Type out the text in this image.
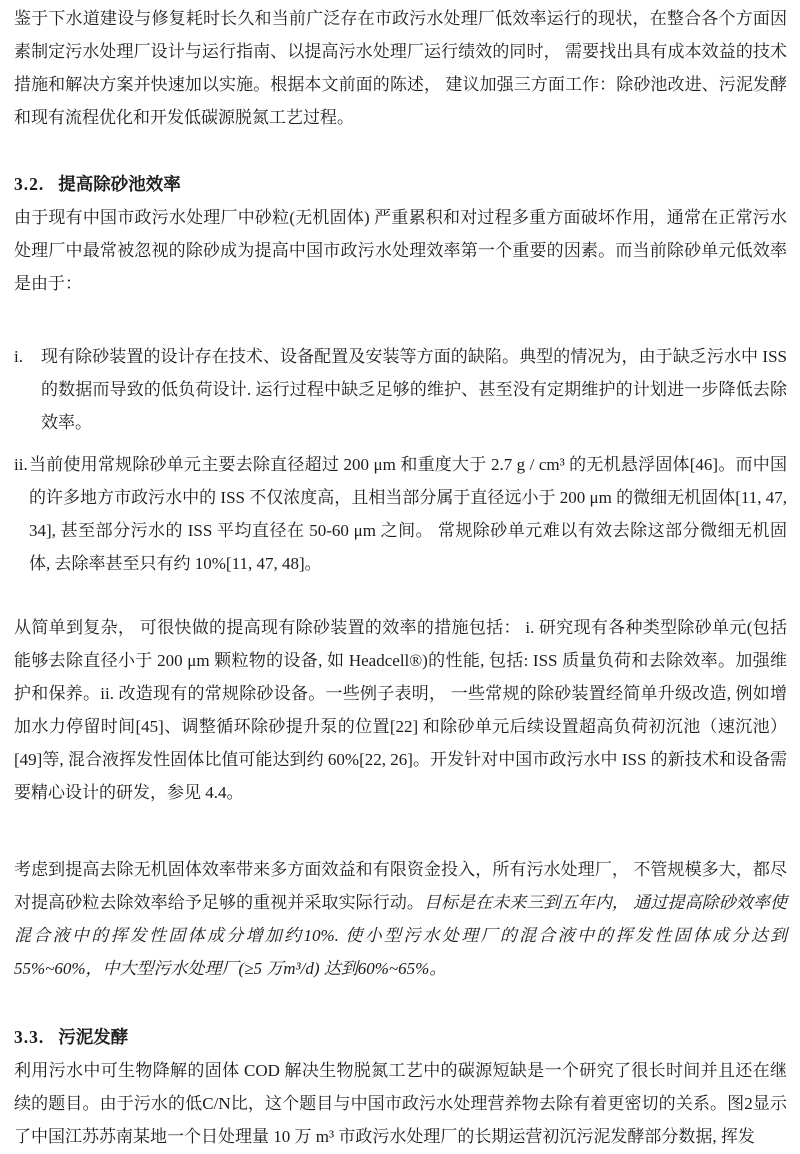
鉴于下水道建设与修复耗时长久和当前广泛存在市政污水处理厂低效率运行的现状，在整合各个方面因素制定污水处理厂设计与运行指南、以提高污水处理厂运行绩效的同时， 需要找出具有成本效益的技术措施和解决方案并快速加以实施。根据本文前面的陈述， 建议加强三方面工作：除砂池改进、污泥发酵和现有流程优化和开发低碳源脱氮工艺过程。

3.2. 提高除砂池效率

由于现有中国市政污水处理厂中砂粒(无机固体) 严重累积和对过程多重方面破坏作用，通常在正常污水处理厂中最常被忽视的除砂成为提高中国市政污水处理效率第一个重要的因素。而当前除砂单元低效率是由于：

i.	现有除砂装置的设计存在技术、设备配置及安装等方面的缺陷。典型的情况为，由于缺乏污水中 ISS 的数据而导致的低负荷设计. 运行过程中缺乏足够的维护、甚至没有定期维护的计划进一步降低去除效率。
ii. 当前使用常规除砂单元主要去除直径超过 200 μm 和重度大于 2.7 g / cm³ 的无机悬浮固体[46]。而中国的许多地方市政污水中的 ISS 不仅浓度高，且相当部分属于直径远小于 200 μm 的微细无机固体[11, 47, 34], 甚至部分污水的 ISS 平均直径在 50-60 μm 之间。 常规除砂单元难以有效去除这部分微细无机固体, 去除率甚至只有约 10%[11, 47, 48]。

从简单到复杂， 可很快做的提高现有除砂装置的效率的措施包括： i. 研究现有各种类型除砂单元(包括能够去除直径小于 200 μm 颗粒物的设备, 如 Headcell®)的性能, 包括: ISS 质量负荷和去除效率。加强维护和保养。ii. 改造现有的常规除砂设备。一些例子表明， 一些常规的除砂装置经简单升级改造, 例如增加水力停留时间[45]、调整循环除砂提升泵的位置[22] 和除砂单元后续设置超高负荷初沉池（速沉池）[49]等, 混合液挥发性固体比值可能达到约 60%[22, 26]。开发针对中国市政污水中 ISS 的新技术和设备需要精心设计的研发，参见 4.4。

考虑到提高去除无机固体效率带来多方面效益和有限资金投入，所有污水处理厂， 不管规模多大，都尽对提高砂粒去除效率给予足够的重视并采取实际行动。目标是在未来三到五年内， 通过提高除砂效率使混合液中的挥发性固体成分增加约10%. 使小型污水处理厂的混合液中的挥发性固体成分达到55%~60%，中大型污水处理厂(≥5 万m³/d) 达到60%~65%。

3.3. 污泥发酵

利用污水中可生物降解的固体 COD 解决生物脱氮工艺中的碳源短缺是一个研究了很长时间并且还在继续的题目。由于污水的低C/N比，这个题目与中国市政污水处理营养物去除有着更密切的关系。图2显示了中国江苏苏南某地一个日处理量 10 万 m³ 市政污水处理厂的长期运营初沉污泥发酵部分数据, 挥发
